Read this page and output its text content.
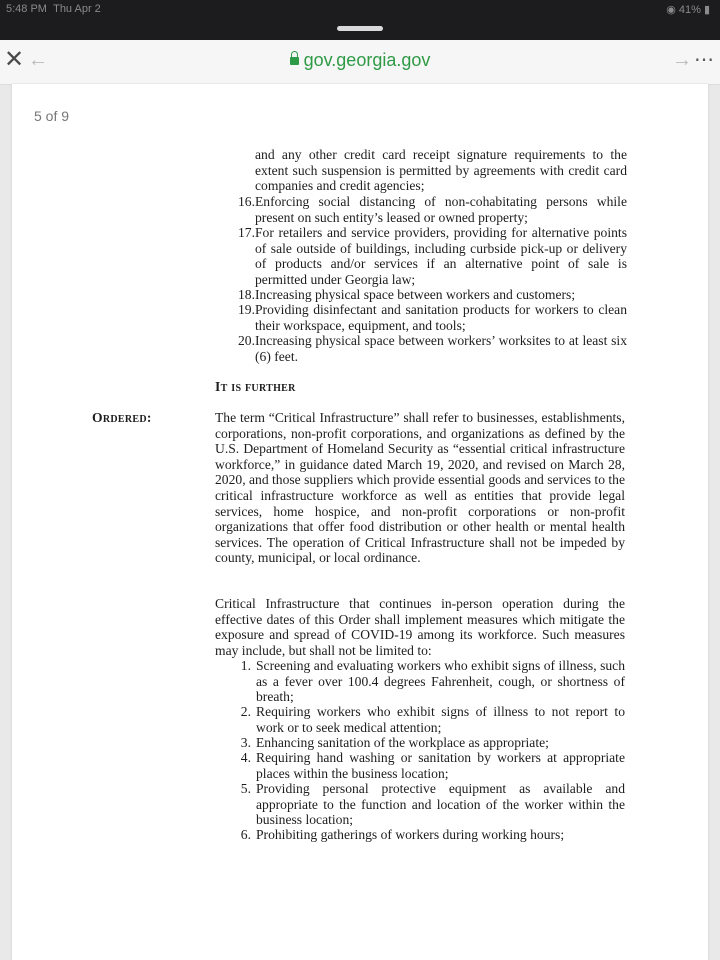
5:48 PM Thu Apr 2	◉ 41% ▮
✕ ←	gov.georgia.gov	→ ⋯
5 of 9
and any other credit card receipt signature requirements to the extent such suspension is permitted by agreements with credit card companies and credit agencies;
16. Enforcing social distancing of non-cohabitating persons while present on such entity’s leased or owned property;
17. For retailers and service providers, providing for alternative points of sale outside of buildings, including curbside pick-up or delivery of products and/or services if an alternative point of sale is permitted under Georgia law;
18. Increasing physical space between workers and customers;
19. Providing disinfectant and sanitation products for workers to clean their workspace, equipment, and tools;
20. Increasing physical space between workers’ worksites to at least six (6) feet.
It is further
Ordered:	The term “Critical Infrastructure” shall refer to businesses, establishments, corporations, non-profit corporations, and organizations as defined by the U.S. Department of Homeland Security as “essential critical infrastructure workforce,” in guidance dated March 19, 2020, and revised on March 28, 2020, and those suppliers which provide essential goods and services to the critical infrastructure workforce as well as entities that provide legal services, home hospice, and non-profit corporations or non-profit organizations that offer food distribution or other health or mental health services. The operation of Critical Infrastructure shall not be impeded by county, municipal, or local ordinance.
Critical Infrastructure that continues in-person operation during the effective dates of this Order shall implement measures which mitigate the exposure and spread of COVID-19 among its workforce. Such measures may include, but shall not be limited to:
1. Screening and evaluating workers who exhibit signs of illness, such as a fever over 100.4 degrees Fahrenheit, cough, or shortness of breath;
2. Requiring workers who exhibit signs of illness to not report to work or to seek medical attention;
3. Enhancing sanitation of the workplace as appropriate;
4. Requiring hand washing or sanitation by workers at appropriate places within the business location;
5. Providing personal protective equipment as available and appropriate to the function and location of the worker within the business location;
6. Prohibiting gatherings of workers during working hours;
